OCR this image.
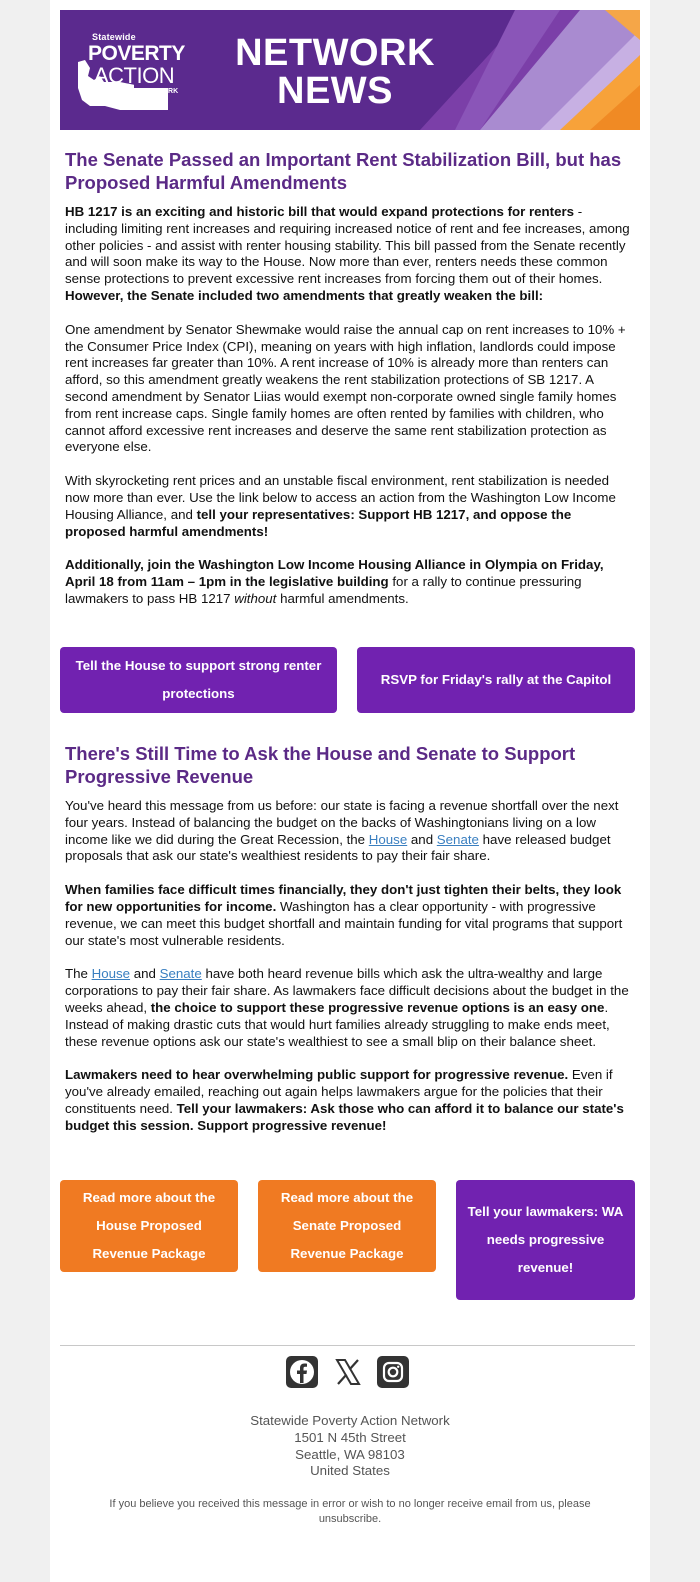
Statewide
POVERTY
ACTION
NETWORK
NETWORK
NEWS
The Senate Passed an Important Rent Stabilization Bill, but has Proposed Harmful Amendments

HB 1217 is an exciting and historic bill that would expand protections for renters - including limiting rent increases and requiring increased notice of rent and fee increases, among other policies - and assist with renter housing stability. This bill passed from the Senate recently and will soon make its way to the House. Now more than ever, renters needs these common sense protections to prevent excessive rent increases from forcing them out of their homes. However, the Senate included two amendments that greatly weaken the bill:

One amendment by Senator Shewmake would raise the annual cap on rent increases to 10% + the Consumer Price Index (CPI), meaning on years with high inflation, landlords could impose rent increases far greater than 10%. A rent increase of 10% is already more than renters can afford, so this amendment greatly weakens the rent stabilization protections of SB 1217. A second amendment by Senator Liias would exempt non-corporate owned single family homes from rent increase caps. Single family homes are often rented by families with children, who cannot afford excessive rent increases and deserve the same rent stabilization protection as everyone else.

With skyrocketing rent prices and an unstable fiscal environment, rent stabilization is needed now more than ever. Use the link below to access an action from the Washington Low Income Housing Alliance, and tell your representatives: Support HB 1217, and oppose the proposed harmful amendments!

Additionally, join the Washington Low Income Housing Alliance in Olympia on Friday, April 18 from 11am – 1pm in the legislative building for a rally to continue pressuring lawmakers to pass HB 1217 without harmful amendments.

Tell the House to support strong renter protections
RSVP for Friday's rally at the Capitol
There's Still Time to Ask the House and Senate to Support Progressive Revenue

You've heard this message from us before: our state is facing a revenue shortfall over the next four years. Instead of balancing the budget on the backs of Washingtonians living on a low income like we did during the Great Recession, the House and Senate have released budget proposals that ask our state's wealthiest residents to pay their fair share.

When families face difficult times financially, they don't just tighten their belts, they look for new opportunities for income. Washington has a clear opportunity - with progressive revenue, we can meet this budget shortfall and maintain funding for vital programs that support our state's most vulnerable residents.

The House and Senate have both heard revenue bills which ask the ultra-wealthy and large corporations to pay their fair share. As lawmakers face difficult decisions about the budget in the weeks ahead, the choice to support these progressive revenue options is an easy one. Instead of making drastic cuts that would hurt families already struggling to make ends meet, these revenue options ask our state's wealthiest to see a small blip on their balance sheet.

Lawmakers need to hear overwhelming public support for progressive revenue. Even if you've already emailed, reaching out again helps lawmakers argue for the policies that their constituents need. Tell your lawmakers: Ask those who can afford it to balance our state's budget this session. Support progressive revenue!

Read more about the House Proposed Revenue Package
Read more about the Senate Proposed Revenue Package
Tell your lawmakers: WA needs progressive revenue!
Statewide Poverty Action Network
1501 N 45th Street
Seattle, WA 98103
United States
If you believe you received this message in error or wish to no longer receive email from us, please unsubscribe.
